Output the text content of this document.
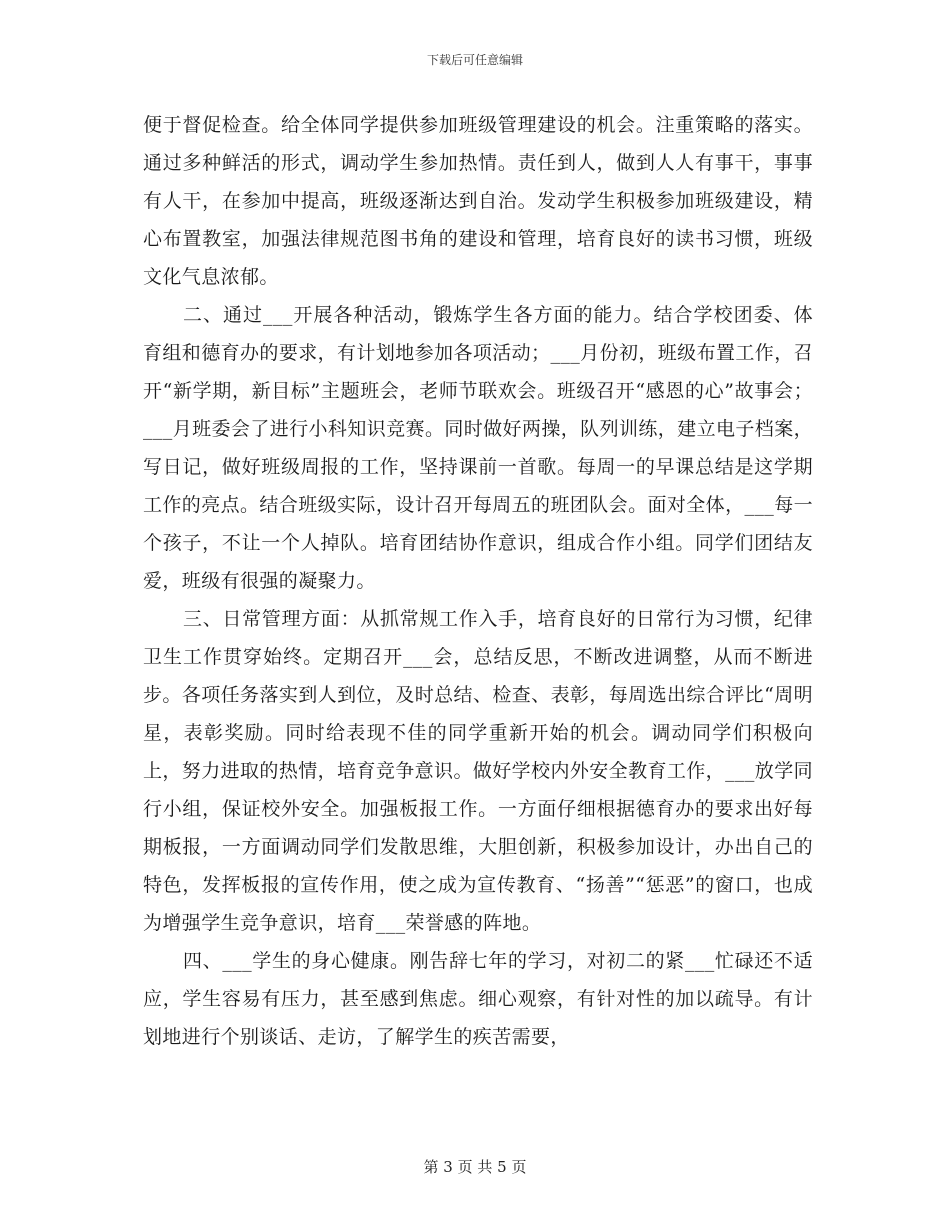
下载后可任意编辑

便于督促检查。给全体同学提供参加班级管理建设的机会。注重策略的落实。通过多种鲜活的形式，调动学生参加热情。责任到人，做到人人有事干，事事有人干，在参加中提高，班级逐渐达到自治。发动学生积极参加班级建设，精心布置教室，加强法律规范图书角的建设和管理，培育良好的读书习惯，班级文化气息浓郁。

二、通过___开展各种活动，锻炼学生各方面的能力。结合学校团委、体育组和德育办的要求，有计划地参加各项活动；___月份初，班级布置工作，召开“新学期，新目标”主题班会，老师节联欢会。班级召开“感恩的心”故事会；___月班委会了进行小科知识竞赛。同时做好两操，队列训练，建立电子档案，写日记，做好班级周报的工作，坚持课前一首歌。每周一的早课总结是这学期工作的亮点。结合班级实际，设计召开每周五的班团队会。面对全体，___每一个孩子，不让一个人掉队。培育团结协作意识，组成合作小组。同学们团结友爱，班级有很强的凝聚力。

三、日常管理方面：从抓常规工作入手，培育良好的日常行为习惯，纪律卫生工作贯穿始终。定期召开___会，总结反思，不断改进调整，从而不断进步。各项任务落实到人到位，及时总结、检查、表彰，每周选出综合评比“周明星，表彰奖励。同时给表现不佳的同学重新开始的机会。调动同学们积极向上，努力进取的热情，培育竞争意识。做好学校内外安全教育工作，___放学同行小组，保证校外安全。加强板报工作。一方面仔细根据德育办的要求出好每期板报，一方面调动同学们发散思维，大胆创新，积极参加设计，办出自己的特色，发挥板报的宣传作用，使之成为宣传教育、“扬善”“惩恶”的窗口，也成为增强学生竞争意识，培育___荣誉感的阵地。

四、___学生的身心健康。刚告辞七年的学习，对初二的紧___忙碌还不适应，学生容易有压力，甚至感到焦虑。细心观察，有针对性的加以疏导。有计划地进行个别谈话、走访，了解学生的疾苦需要，

第 3 页 共 5 页
